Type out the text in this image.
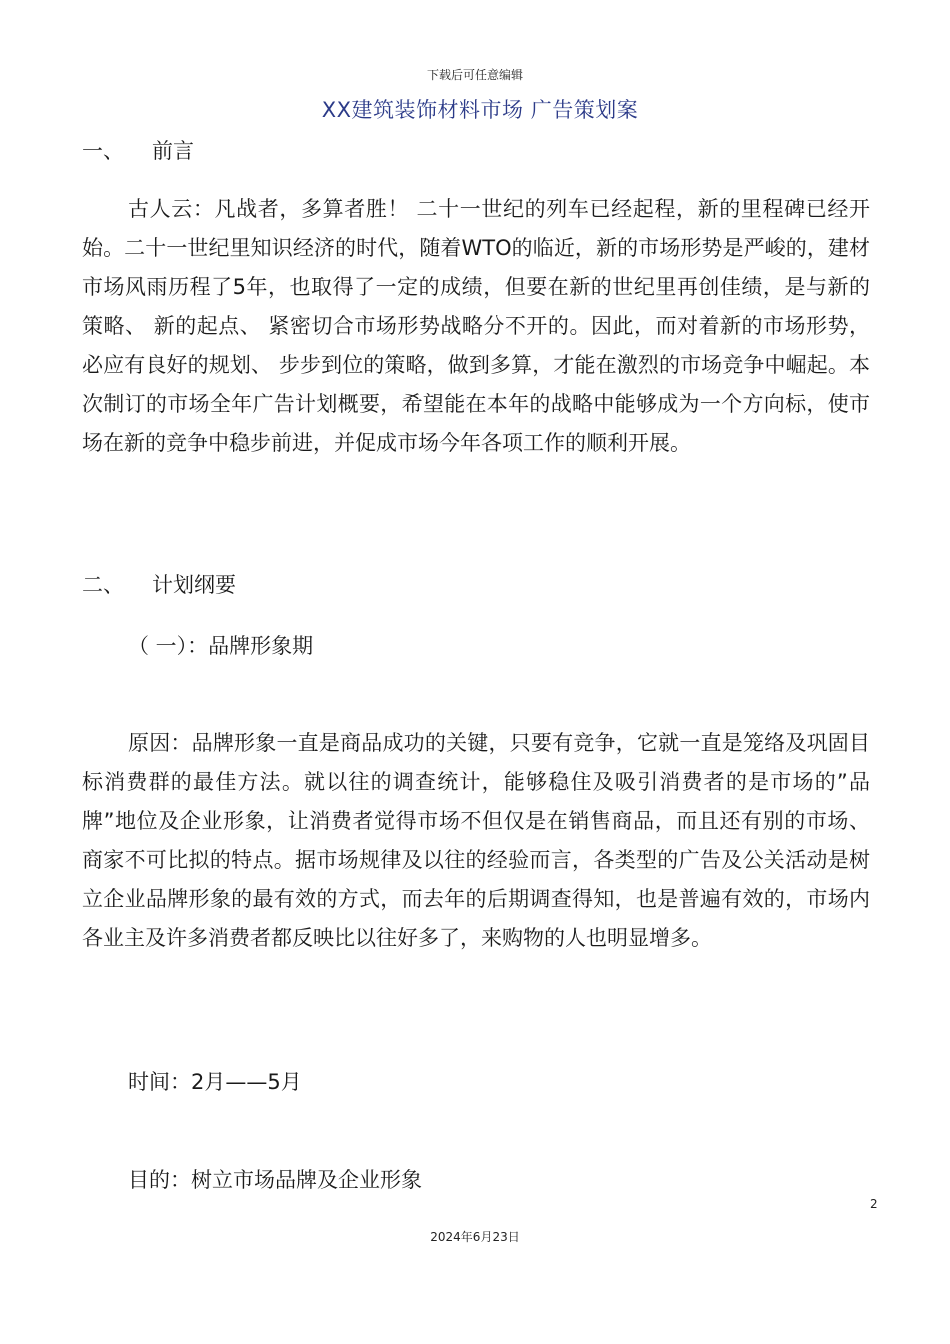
下载后可任意编辑
XX建筑装饰材料市场 广告策划案
一、 前言
古人云：凡战者，多算者胜！ 二十一世纪的列车已经起程，新的里程碑已经开始。二十一世纪里知识经济的时代，随着WTO的临近，新的市场形势是严峻的，建材市场风雨历程了5年，也取得了一定的成绩，但要在新的世纪里再创佳绩，是与新的策略、 新的起点、 紧密切合市场形势战略分不开的。因此，而对着新的市场形势，必应有良好的规划、 步步到位的策略，做到多算，才能在激烈的市场竞争中崛起。本次制订的市场全年广告计划概要，希望能在本年的战略中能够成为一个方向标，使市场在新的竞争中稳步前进，并促成市场今年各项工作的顺利开展。
二、 计划纲要
（ 一）：品牌形象期
原因：品牌形象一直是商品成功的关键，只要有竞争，它就一直是笼络及巩固目标消费群的最佳方法。就以往的调查统计，能够稳住及吸引消费者的是市场的”品牌”地位及企业形象，让消费者觉得市场不但仅是在销售商品，而且还有别的市场、 商家不可比拟的特点。据市场规律及以往的经验而言，各类型的广告及公关活动是树立企业品牌形象的最有效的方式，而去年的后期调查得知，也是普遍有效的，市场内各业主及许多消费者都反映比以往好多了，来购物的人也明显增多。
时间：2月——5月
目的：树立市场品牌及企业形象
2
2024年6月23日
